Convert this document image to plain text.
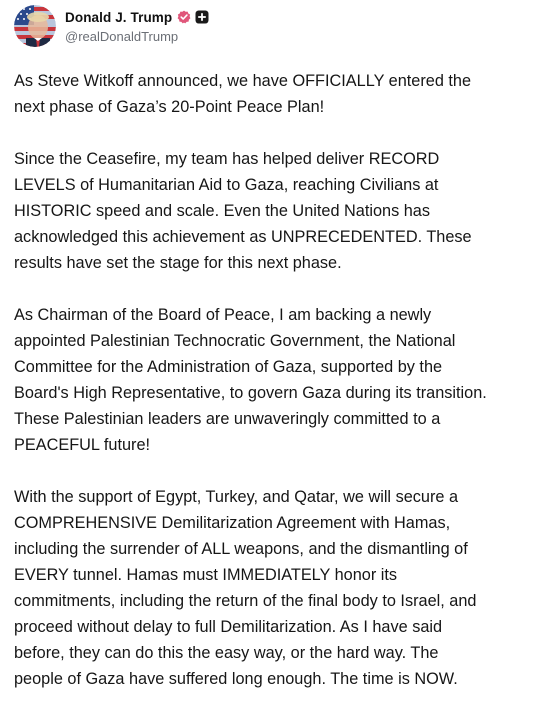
Donald J. Trump
@realDonaldTrump

As Steve Witkoff announced, we have OFFICIALLY entered the
next phase of Gaza’s 20-Point Peace Plan!

Since the Ceasefire, my team has helped deliver RECORD
LEVELS of Humanitarian Aid to Gaza, reaching Civilians at
HISTORIC speed and scale. Even the United Nations has
acknowledged this achievement as UNPRECEDENTED. These
results have set the stage for this next phase.

As Chairman of the Board of Peace, I am backing a newly
appointed Palestinian Technocratic Government, the National
Committee for the Administration of Gaza, supported by the
Board's High Representative, to govern Gaza during its transition.
These Palestinian leaders are unwaveringly committed to a
PEACEFUL future!

With the support of Egypt, Turkey, and Qatar, we will secure a
COMPREHENSIVE Demilitarization Agreement with Hamas,
including the surrender of ALL weapons, and the dismantling of
EVERY tunnel. Hamas must IMMEDIATELY honor its
commitments, including the return of the final body to Israel, and
proceed without delay to full Demilitarization. As I have said
before, they can do this the easy way, or the hard way. The
people of Gaza have suffered long enough. The time is NOW.
